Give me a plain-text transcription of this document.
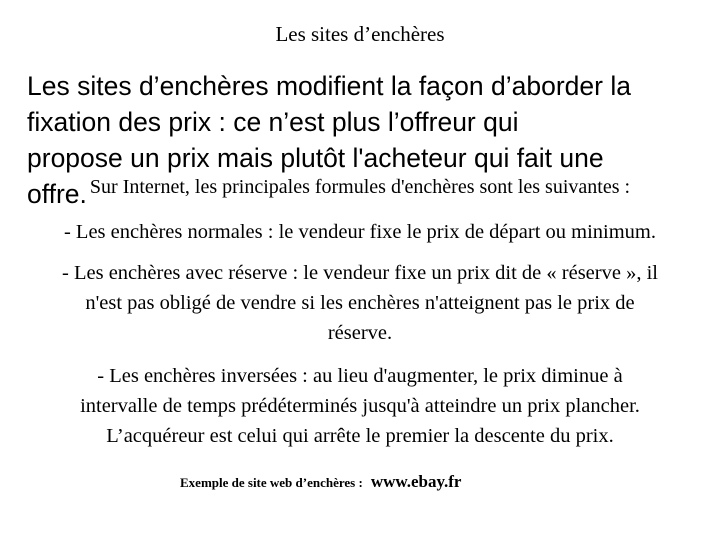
Les sites d’enchères
Les sites d’enchères modifient la façon d’aborder la
fixation des prix : ce n’est plus l’offreur qui
propose un prix mais plutôt l'acheteur qui fait une
offre. Sur Internet, les principales formules d'enchères sont les suivantes :
- Les enchères normales : le vendeur fixe le prix de départ ou minimum.
- Les enchères avec réserve : le vendeur fixe un prix dit de « réserve », il
n'est pas obligé de vendre si les enchères n'atteignent pas le prix de
réserve.
- Les enchères inversées : au lieu d'augmenter, le prix diminue à
intervalle de temps prédéterminés jusqu'à atteindre un prix plancher.
L’acquéreur est celui qui arrête le premier la descente du prix.
Exemple de site web d’enchères : www.ebay.fr
